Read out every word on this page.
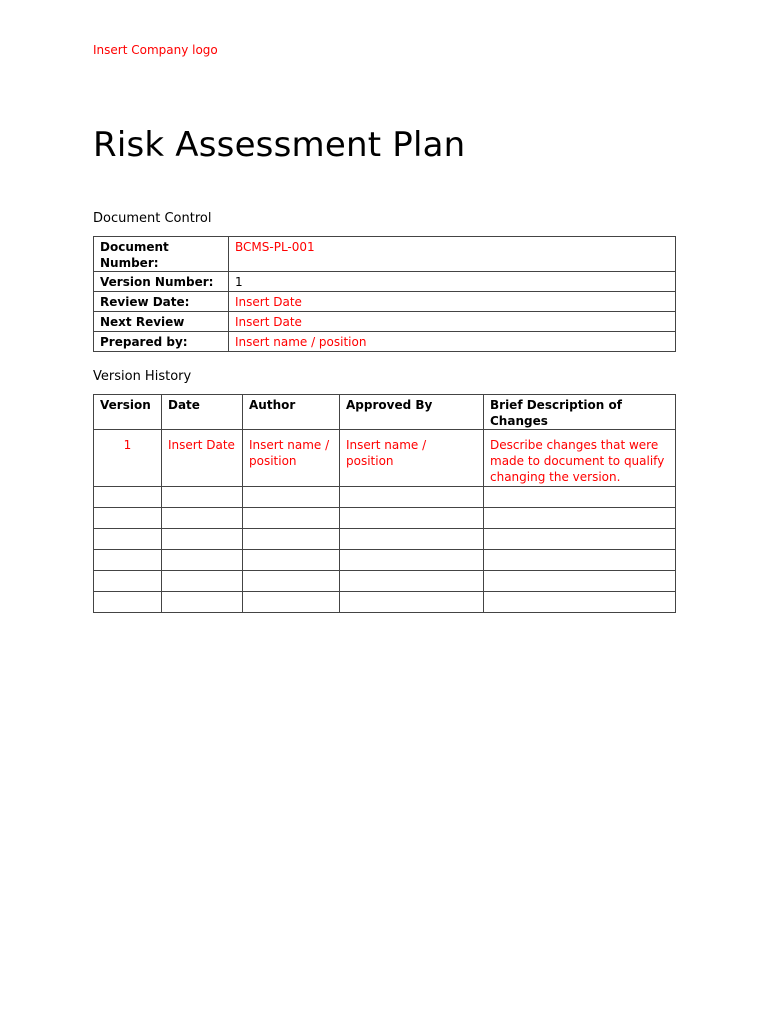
Insert Company logo
Risk Assessment Plan
Document Control
Document Number:	BCMS-PL-001
Version Number:	1
Review Date:	Insert Date
Next Review	Insert Date
Prepared by:	Insert name / position
Version History
Version	Date	Author	Approved By	Brief Description of Changes
1	Insert Date	Insert name / position	Insert name / position	Describe changes that were made to document to qualify changing the version.
